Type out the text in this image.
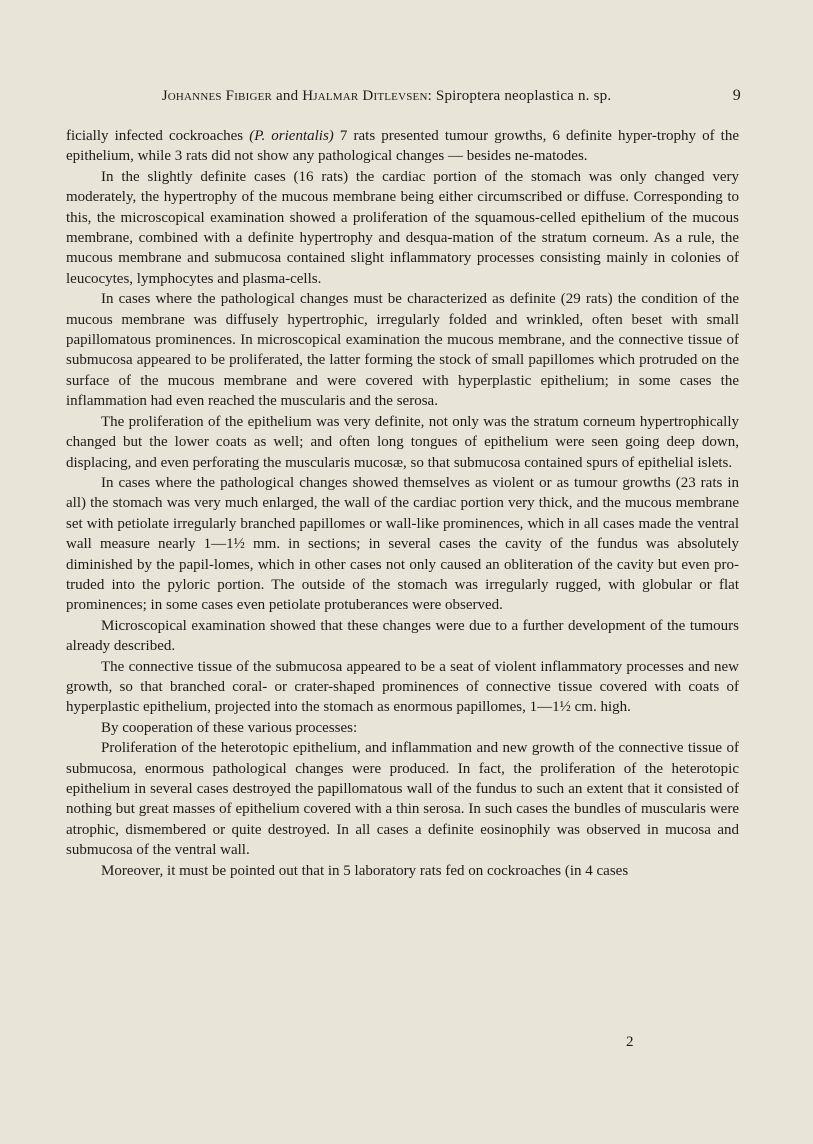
Johannes Fibiger and Hjalmar Ditlevsen: Spiroptera neoplastica n. sp.	9

ficially infected cockroaches (P. orientalis) 7 rats presented tumour growths, 6 definite hyper-trophy of the epithelium, while 3 rats did not show any pathological changes — besides ne-matodes.

In the slightly definite cases (16 rats) the cardiac portion of the stomach was only changed very moderately, the hypertrophy of the mucous membrane being either circumscribed or diffuse. Corresponding to this, the microscopical examination showed a proliferation of the squamous-celled epithelium of the mucous membrane, combined with a definite hypertrophy and desqua-mation of the stratum corneum. As a rule, the mucous membrane and submucosa contained slight inflammatory processes consisting mainly in colonies of leucocytes, lymphocytes and plasma-cells.

In cases where the pathological changes must be characterized as definite (29 rats) the condition of the mucous membrane was diffusely hypertrophic, irregularly folded and wrinkled, often beset with small papillomatous prominences. In microscopical examination the mucous membrane, and the connective tissue of submucosa appeared to be proliferated, the latter forming the stock of small papillomes which protruded on the surface of the mucous membrane and were covered with hyperplastic epithelium; in some cases the inflammation had even reached the muscularis and the serosa.

The proliferation of the epithelium was very definite, not only was the stratum corneum hypertrophically changed but the lower coats as well; and often long tongues of epithelium were seen going deep down, displacing, and even perforating the muscularis mucosæ, so that submucosa contained spurs of epithelial islets.

In cases where the pathological changes showed themselves as violent or as tumour growths (23 rats in all) the stomach was very much enlarged, the wall of the cardiac portion very thick, and the mucous membrane set with petiolate irregularly branched papillomes or wall-like prominences, which in all cases made the ventral wall measure nearly 1—1½ mm. in sections; in several cases the cavity of the fundus was absolutely diminished by the papil-lomes, which in other cases not only caused an obliteration of the cavity but even pro-truded into the pyloric portion. The outside of the stomach was irregularly rugged, with globular or flat prominences; in some cases even petiolate protuberances were observed.

Microscopical examination showed that these changes were due to a further development of the tumours already described.

The connective tissue of the submucosa appeared to be a seat of violent inflammatory processes and new growth, so that branched coral- or crater-shaped prominences of connective tissue covered with coats of hyperplastic epithelium, projected into the stomach as enormous papillomes, 1—1½ cm. high.

By cooperation of these various processes:

Proliferation of the heterotopic epithelium, and inflammation and new growth of the connective tissue of submucosa, enormous pathological changes were produced. In fact, the proliferation of the heterotopic epithelium in several cases destroyed the papillomatous wall of the fundus to such an extent that it consisted of nothing but great masses of epithelium covered with a thin serosa. In such cases the bundles of muscularis were atrophic, dismembered or quite destroyed. In all cases a definite eosinophily was observed in mucosa and submucosa of the ventral wall.

Moreover, it must be pointed out that in 5 laboratory rats fed on cockroaches (in 4 cases

2
